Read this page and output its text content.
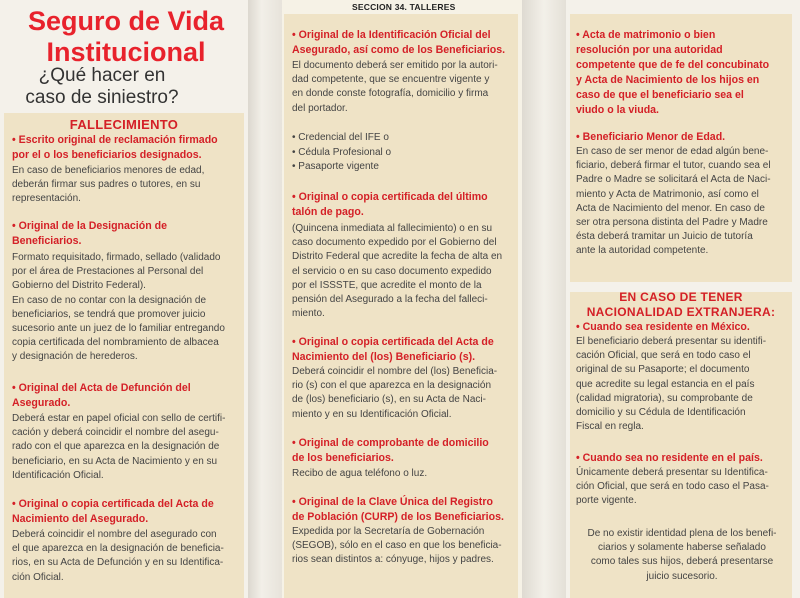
Seguro de Vida
Institucional
¿Qué hacer en
caso de siniestro?
FALLECIMIENTO
• Escrito original de reclamación firmado
por el o los beneficiarios designados.
En caso de beneficiarios menores de edad,
deberán firmar sus padres o tutores, en su
representación.
• Original de la Designación de
Beneficiarios.
Formato requisitado, firmado, sellado (validado
por el área de Prestaciones al Personal del
Gobierno del Distrito Federal).
En caso de no contar con la designación de
beneficiarios, se tendrá que promover juicio
sucesorio ante un juez de lo familiar entregando
copia certificada del nombramiento de albacea
y designación de herederos.
• Original del Acta de Defunción del
Asegurado.
Deberá estar en papel oficial con sello de certifi-
cación y deberá coincidir el nombre del asegu-
rado con el que aparezca en la designación de
beneficiario, en su Acta de Nacimiento y en su
Identificación Oficial.
• Original o copia certificada del Acta de
Nacimiento del Asegurado.
Deberá coincidir el nombre del asegurado con
el que aparezca en la designación de beneficia-
rios, en su Acta de Defunción y en su Identifica-
ción Oficial.
SECCION 34. TALLERES
• Original de la Identificación Oficial del
Asegurado, así como de los Beneficiarios.
El documento deberá ser emitido por la autori-
dad competente, que se encuentre vigente y
en donde conste fotografía, domicilio y firma
del portador.
• Credencial del IFE o
• Cédula Profesional o
• Pasaporte vigente
• Original o copia certificada del último
talón de pago.
(Quincena inmediata al fallecimiento) o en su
caso documento expedido por el Gobierno del
Distrito Federal que acredite la fecha de alta en
el servicio o en su caso documento expedido
por el ISSSTE, que acredite el monto de la
pensión del Asegurado a la fecha del falleci-
miento.
• Original o copia certificada del Acta de
Nacimiento del (los) Beneficiario (s).
Deberá coincidir el nombre del (los) Beneficia-
rio (s) con el que aparezca en la designación
de (los) beneficiario (s), en su Acta de Naci-
miento y en su Identificación Oficial.
• Original de comprobante de domicilio
de los beneficiarios.
Recibo de agua teléfono o luz.
• Original de la Clave Única del Registro
de Población (CURP) de los Beneficiarios.
Expedida por la Secretaría de Gobernación
(SEGOB), sólo en el caso en que los beneficia-
rios sean distintos a: cónyuge, hijos y padres.
• Acta de matrimonio o bien
resolución por una autoridad
competente que de fe del concubinato
y Acta de Nacimiento de los hijos en
caso de que el beneficiario sea el
viudo o la viuda.
• Beneficiario Menor de Edad.
En caso de ser menor de edad algún bene-
ficiario, deberá firmar el tutor, cuando sea el
Padre o Madre se solicitará el Acta de Naci-
miento y Acta de Matrimonio, así como el
Acta de Nacimiento del menor. En caso de
ser otra persona distinta del Padre y Madre
ésta deberá tramitar un Juicio de tutoría
ante la autoridad competente.
EN CASO DE TENER
NACIONALIDAD EXTRANJERA:
• Cuando sea residente en México.
El beneficiario deberá presentar su identifi-
cación Oficial, que será en todo caso el
original de su Pasaporte; el documento
que acredite su legal estancia en el país
(calidad migratoria), su comprobante de
domicilio y su Cédula de Identificación
Fiscal en regla.
• Cuando sea no residente en el país.
Únicamente deberá presentar su Identifica-
ción Oficial, que será en todo caso el Pasa-
porte vigente.
De no existir identidad plena de los benefi-
ciarios y solamente haberse señalado
como tales sus hijos, deberá presentarse
juicio sucesorio.
